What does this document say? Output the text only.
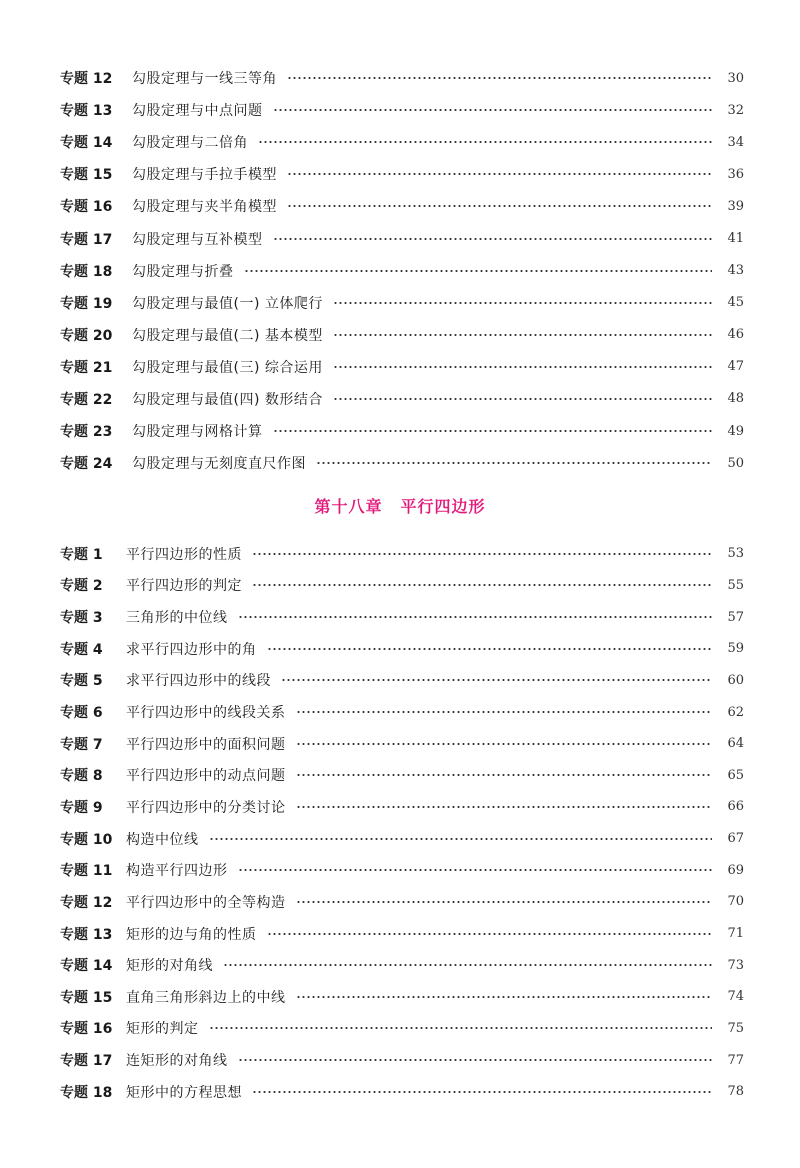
专题 12	勾股定理与一线三等角	30
专题 13	勾股定理与中点问题	32
专题 14	勾股定理与二倍角	34
专题 15	勾股定理与手拉手模型	36
专题 16	勾股定理与夹半角模型	39
专题 17	勾股定理与互补模型	41
专题 18	勾股定理与折叠	43
专题 19	勾股定理与最值(一) 立体爬行	45
专题 20	勾股定理与最值(二) 基本模型	46
专题 21	勾股定理与最值(三) 综合运用	47
专题 22	勾股定理与最值(四) 数形结合	48
专题 23	勾股定理与网格计算	49
专题 24	勾股定理与无刻度直尺作图	50
第十八章 平行四边形
专题 1	平行四边形的性质	53
专题 2	平行四边形的判定	55
专题 3	三角形的中位线	57
专题 4	求平行四边形中的角	59
专题 5	求平行四边形中的线段	60
专题 6	平行四边形中的线段关系	62
专题 7	平行四边形中的面积问题	64
专题 8	平行四边形中的动点问题	65
专题 9	平行四边形中的分类讨论	66
专题 10 构造中位线	67
专题 11 构造平行四边形	69
专题 12 平行四边形中的全等构造	70
专题 13 矩形的边与角的性质	71
专题 14 矩形的对角线	73
专题 15 直角三角形斜边上的中线	74
专题 16 矩形的判定	75
专题 17 连矩形的对角线	77
专题 18 矩形中的方程思想	78
